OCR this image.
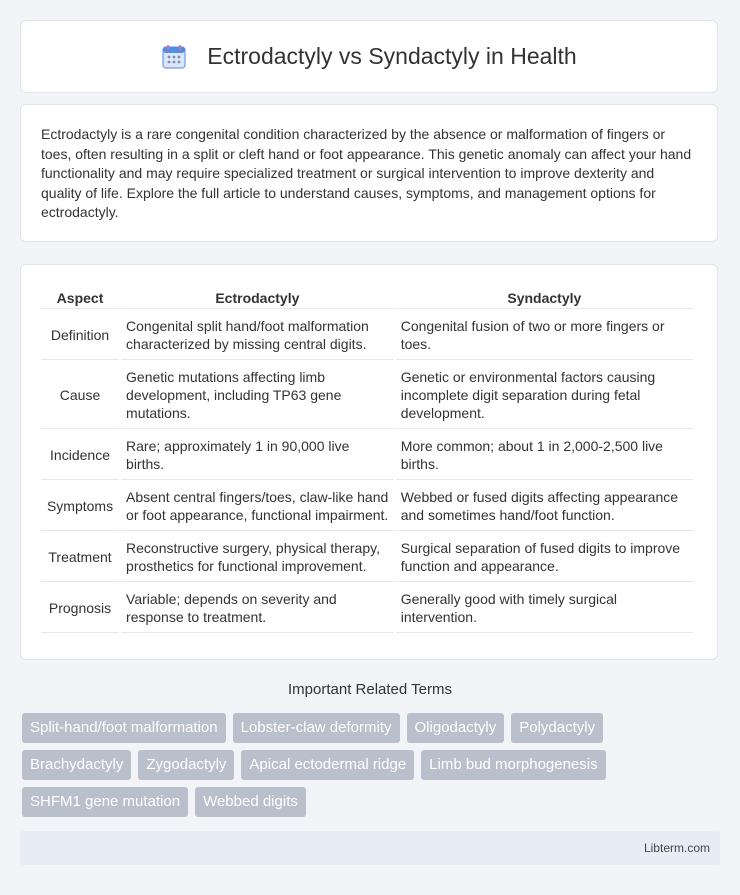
Ectrodactyly vs Syndactyly in Health

Ectrodactyly is a rare congenital condition characterized by the absence or malformation of fingers or toes, often resulting in a split or cleft hand or foot appearance. This genetic anomaly can affect your hand functionality and may require specialized treatment or surgical intervention to improve dexterity and quality of life. Explore the full article to understand causes, symptoms, and management options for ectrodactyly.

Aspect	Ectrodactyly	Syndactyly
Definition	Congenital split hand/foot malformation characterized by missing central digits.	Congenital fusion of two or more fingers or toes.
Cause	Genetic mutations affecting limb development, including TP63 gene mutations.	Genetic or environmental factors causing incomplete digit separation during fetal development.
Incidence	Rare; approximately 1 in 90,000 live births.	More common; about 1 in 2,000-2,500 live births.
Symptoms	Absent central fingers/toes, claw-like hand or foot appearance, functional impairment.	Webbed or fused digits affecting appearance and sometimes hand/foot function.
Treatment	Reconstructive surgery, physical therapy, prosthetics for functional improvement.	Surgical separation of fused digits to improve function and appearance.
Prognosis	Variable; depends on severity and response to treatment.	Generally good with timely surgical intervention.
Important Related Terms
Split-hand/foot malformation	Lobster-claw deformity	Oligodactyly	Polydactyly
Brachydactyly	Zygodactyly	Apical ectodermal ridge	Limb bud morphogenesis
SHFM1 gene mutation	Webbed digits
Libterm.com
